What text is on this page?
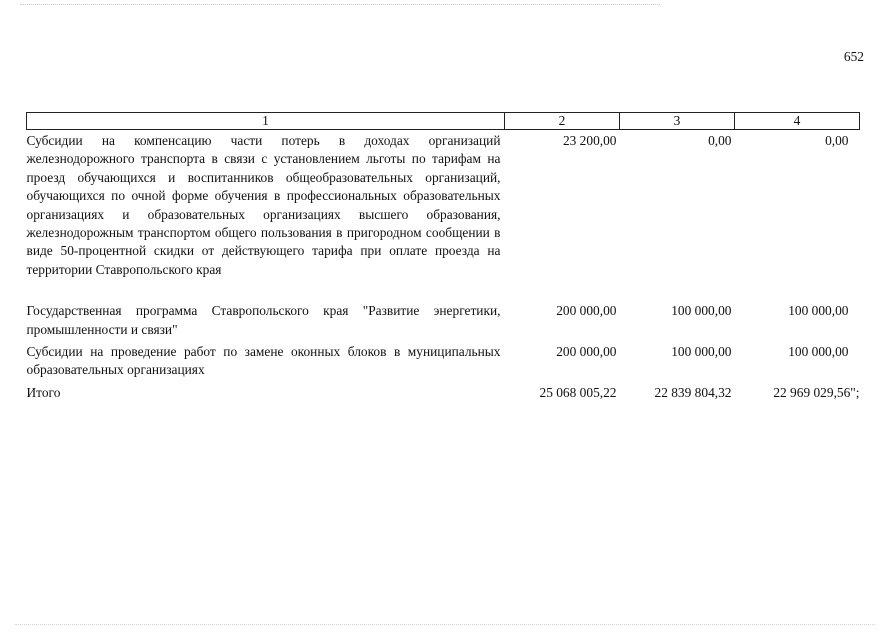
652
1	2	3	4
Субсидии на компенсацию части потерь в доходах организаций железнодорожного транспорта в связи с установлением льготы по тарифам на проезд обучающихся и воспитанников общеобразовательных организаций, обучающихся по очной форме обучения в профессиональных образовательных организациях и образовательных организациях высшего образования, железнодорожным транспортом общего пользования в пригородном сообщении в виде 50-процентной скидки от действующего тарифа при оплате проезда на территории Ставропольского края	23 200,00	0,00	0,00

Государственная программа Ставропольского края "Развитие энергетики, промышленности и связи"	200 000,00	100 000,00	100 000,00
Субсидии на проведение работ по замене оконных блоков в муниципальных образовательных организациях	200 000,00	100 000,00	100 000,00
Итого	25 068 005,22	22 839 804,32	22 969 029,56";
